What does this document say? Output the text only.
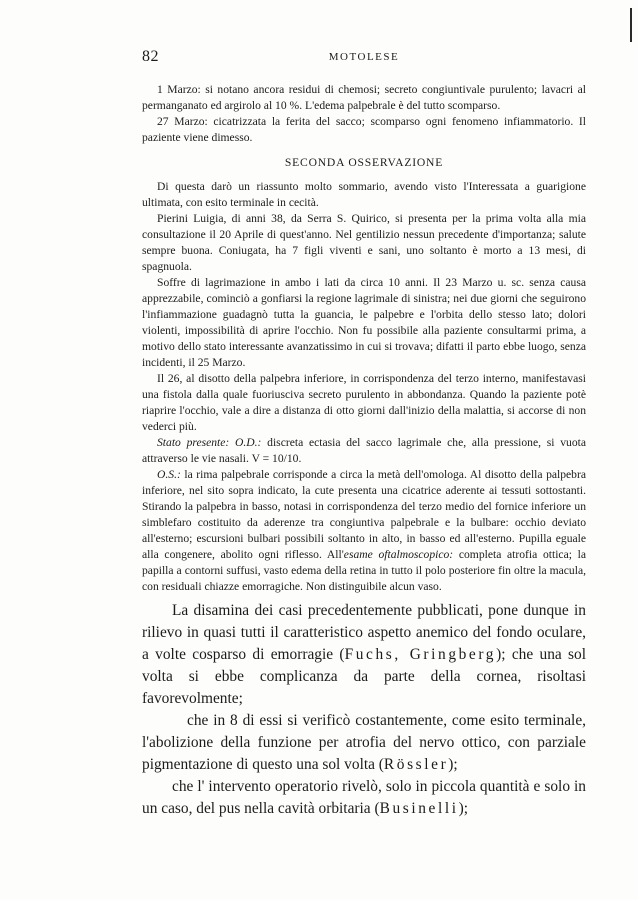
82	MOTOLESE

1 Marzo: si notano ancora residui di chemosi; secreto congiuntivale purulento; lavacri al permanganato ed argirolo al 10 %. L'edema palpebrale è del tutto scomparso.

27 Marzo: cicatrizzata la ferita del sacco; scomparso ogni fenomeno infiammatorio. Il paziente viene dimesso.

SECONDA OSSERVAZIONE

Di questa darò un riassunto molto sommario, avendo visto l'Interessata a guarigione ultimata, con esito terminale in cecità.

Pierini Luigia, di anni 38, da Serra S. Quirico, si presenta per la prima volta alla mia consultazione il 20 Aprile di quest'anno. Nel gentilizio nessun precedente d'importanza; salute sempre buona. Coniugata, ha 7 figli viventi e sani, uno soltanto è morto a 13 mesi, di spagnuola.

Soffre di lagrimazione in ambo i lati da circa 10 anni. Il 23 Marzo u. sc. senza causa apprezzabile, cominciò a gonfiarsi la regione lagrimale di sinistra; nei due giorni che seguirono l'infiammazione guadagnò tutta la guancia, le palpebre e l'orbita dello stesso lato; dolori violenti, impossibilità di aprire l'occhio. Non fu possibile alla paziente consultarmi prima, a motivo dello stato interessante avanzatissimo in cui si trovava; difatti il parto ebbe luogo, senza incidenti, il 25 Marzo.

Il 26, al disotto della palpebra inferiore, in corrispondenza del terzo interno, manifestavasi una fistola dalla quale fuoriusciva secreto purulento in abbondanza. Quando la paziente potè riaprire l'occhio, vale a dire a distanza di otto giorni dall'inizio della malattia, si accorse di non vederci più.

Stato presente: O.D.: discreta ectasia del sacco lagrimale che, alla pressione, si vuota attraverso le vie nasali. V = 10/10.

O.S.: la rima palpebrale corrisponde a circa la metà dell'omologa. Al disotto della palpebra inferiore, nel sito sopra indicato, la cute presenta una cicatrice aderente ai tessuti sottostanti. Stirando la palpebra in basso, notasi in corrispondenza del terzo medio del fornice inferiore un simblefaro costituito da aderenze tra congiuntiva palpebrale e la bulbare: occhio deviato all'esterno; escursioni bulbari possibili soltanto in alto, in basso ed all'esterno. Pupilla eguale alla congenere, abolito ogni riflesso. All'esame oftalmoscopico: completa atrofia ottica; la papilla a contorni suffusi, vasto edema della retina in tutto il polo posteriore fin oltre la macula, con residuali chiazze emorragiche. Non distinguibile alcun vaso.

La disamina dei casi precedentemente pubblicati, pone dunque in rilievo in quasi tutti il caratteristico aspetto anemico del fondo oculare, a volte cosparso di emorragie (Fuchs, Gringberg); che una sol volta si ebbe complicanza da parte della cornea, risoltasi favorevolmente;

che in 8 di essi si verificò costantemente, come esito terminale, l'abolizione della funzione per atrofia del nervo ottico, con parziale pigmentazione di questo una sol volta (Rössler);

che l' intervento operatorio rivelò, solo in piccola quantità e solo in un caso, del pus nella cavità orbitaria (Businelli);
